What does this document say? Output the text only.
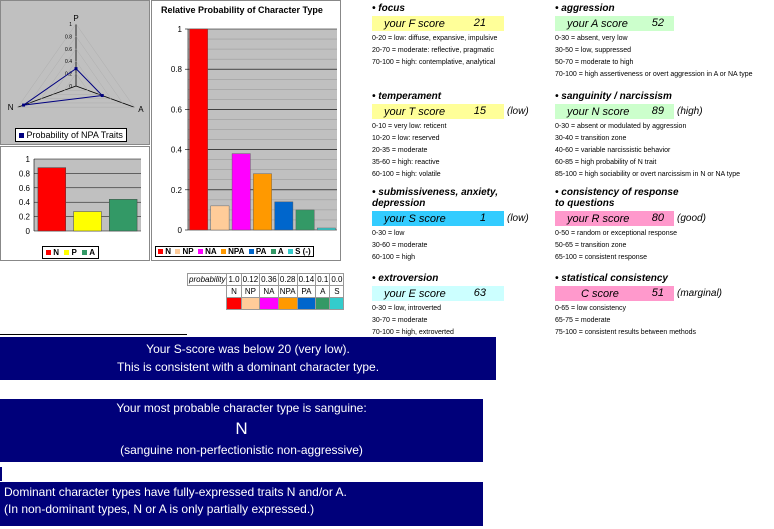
1
0.8
0.6
0.4
0.2
0
P
A
N
Probability of NPA Traits
1
0.8
0.6
0.4
0.2
0
N P A
Relative Probability of Character Type
1
0.8
0.6
0.4
0.2
0
N NP NA NPA PA A S (-)
probability	1.0	0.12	0.36	0.28	0.14	0.1	0.0
	N	NP	NA	NPA	PA	A	S

• focus
your F score	21
0-20 = low: diffuse, expansive, impulsive
20-70 = moderate: reflective, pragmatic
70-100 = high: contemplative, analytical
• temperament
your T score	15 (low)
0-10 = very low: reticent
10-20 = low: reserved
20-35 = moderate
35-60 = high: reactive
60-100 = high: volatile
• submissiveness, anxiety,
depression
your S score	1 (low)
0-30 = low
30-60 = moderate
60-100 = high
• extroversion
your E score	63
0-30 = low, introverted
30-70 = moderate
70-100 = high, extroverted
• aggression
your A score 52
0-30 = absent, very low
30-50 = low, suppressed
50-70 = moderate to high
70-100 = high assertiveness or overt aggression in A or NA type
• sanguinity / narcissism
your N score 89 (high)
0-30 = absent or modulated by aggression
30-40 = transition zone
40-60 = variable narcissistic behavior
60-85 = high probability of N trait
85-100 = high sociability or overt narcissism in N or NA type
• consistency of response
to questions
your R score 80 (good)
0-50 = random or exceptional response
50-65 = transition zone
65-100 = consistent response
• statistical consistency
C score	51 (marginal)
0-65 = low consistency
65-75 = moderate
75-100 = consistent results between methods
Your S-score was below 20 (very low).
This is consistent with a dominant character type.
Your most probable character type is sanguine:
N
(sanguine non-perfectionistic non-aggressive)
Dominant character types have fully-expressed traits N and/or A.
(In non-dominant types, N or A is only partially expressed.)
